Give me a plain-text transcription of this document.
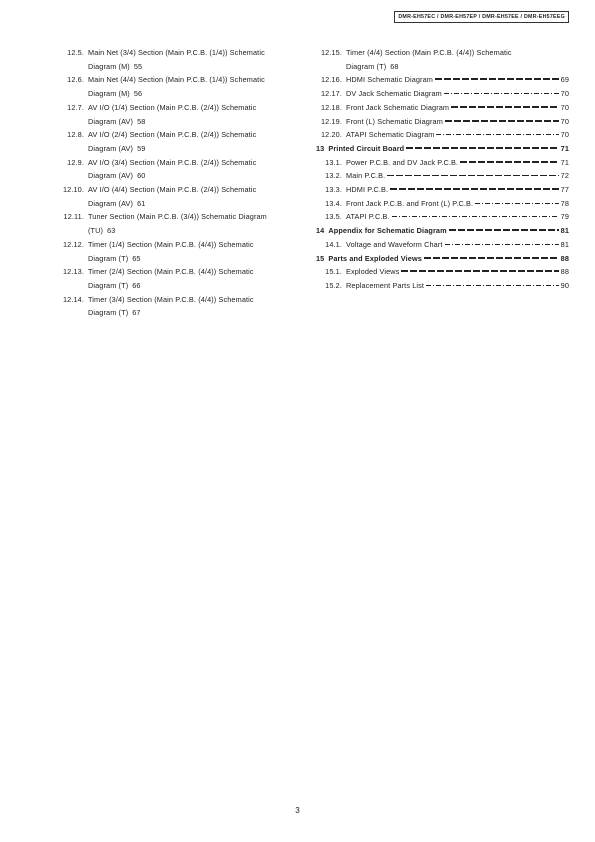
DMR-EH57EC / DMR-EH57EP / DMR-EH57EE / DMR-EH57EEG
12.5. Main Net (3/4) Section (Main P.C.B. (1/4)) Schematic
Diagram (M) 55
12.6. Main Net (4/4) Section (Main P.C.B. (1/4)) Schematic
Diagram (M) 56
12.7. AV I/O (1/4) Section (Main P.C.B. (2/4)) Schematic
Diagram (AV) 58
12.8. AV I/O (2/4) Section (Main P.C.B. (2/4)) Schematic
Diagram (AV) 59
12.9. AV I/O (3/4) Section (Main P.C.B. (2/4)) Schematic
Diagram (AV) 60
12.10. AV I/O (4/4) Section (Main P.C.B. (2/4)) Schematic
Diagram (AV) 61
12.11. Tuner Section (Main P.C.B. (3/4)) Schematic Diagram
(TU) 63
12.12. Timer (1/4) Section (Main P.C.B. (4/4)) Schematic
Diagram (T) 65
12.13. Timer (2/4) Section (Main P.C.B. (4/4)) Schematic
Diagram (T) 66
12.14. Timer (3/4) Section (Main P.C.B. (4/4)) Schematic
Diagram (T) 67
12.15. Timer (4/4) Section (Main P.C.B. (4/4)) Schematic
Diagram (T) 68
12.16. HDMI Schematic Diagram	69
12.17. DV Jack Schematic Diagram	70
12.18. Front Jack Schematic Diagram	70
12.19. Front (L) Schematic Diagram	70
12.20. ATAPI Schematic Diagram	70
13 Printed Circuit Board	71
13.1. Power P.C.B. and DV Jack P.C.B.	71
13.2. Main P.C.B.	72
13.3. HDMI P.C.B.	77
13.4. Front Jack P.C.B. and Front (L) P.C.B.	78
13.5. ATAPI P.C.B.	79
14 Appendix for Schematic Diagram	81
14.1. Voltage and Waveform Chart	81
15 Parts and Exploded Views	88
15.1. Exploded Views	88
15.2. Replacement Parts List	90
3
